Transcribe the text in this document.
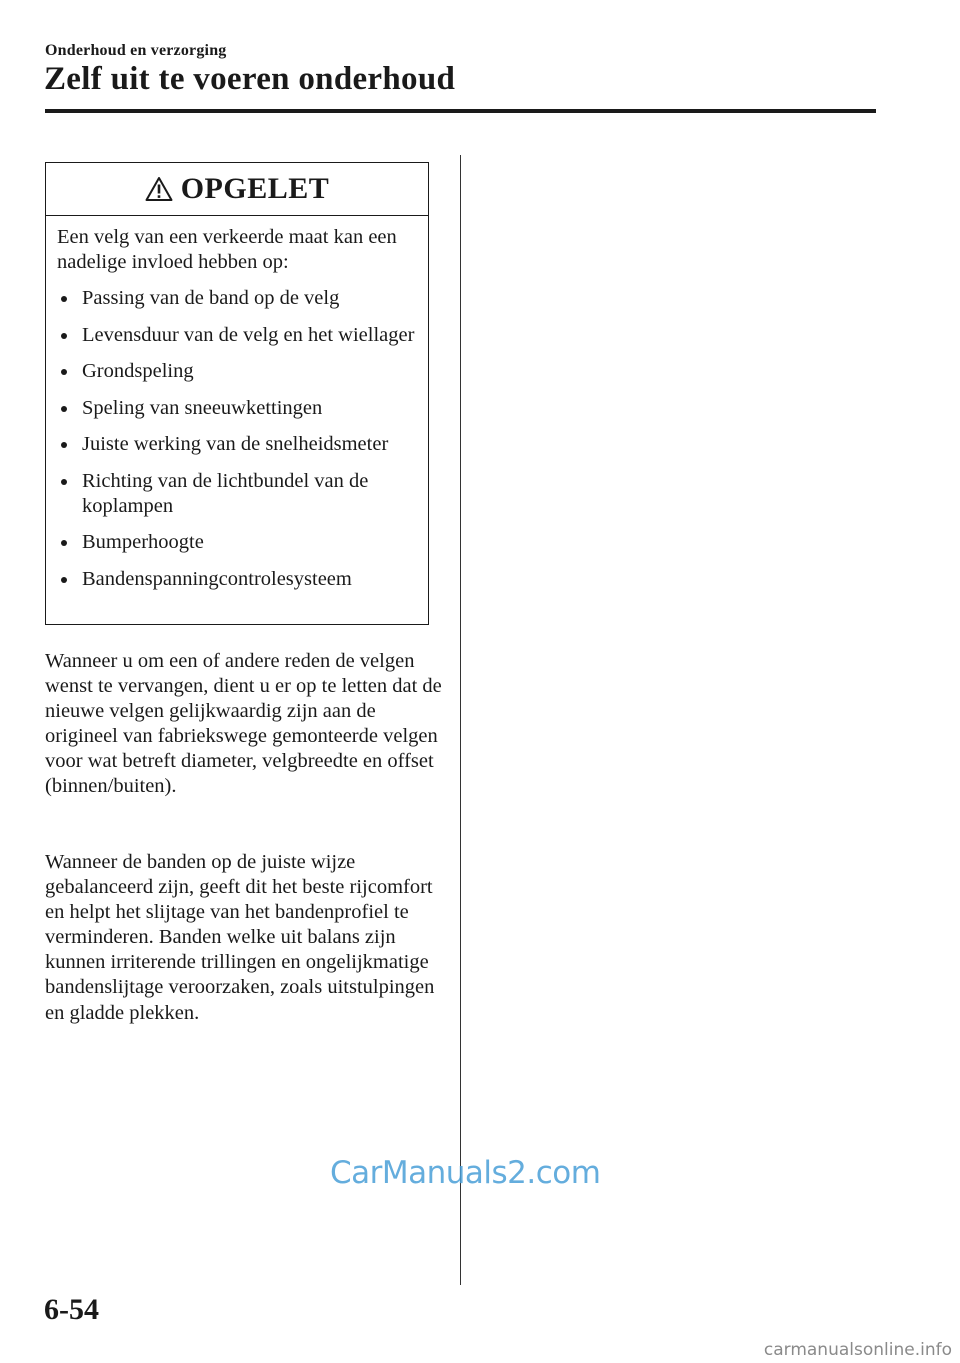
Onderhoud en verzorging
Zelf uit te voeren onderhoud
OPGELET

Een velg van een verkeerde maat kan een nadelige invloed hebben op:

Passing van de band op de velg
Levensduur van de velg en het wiellager
Grondspeling
Speling van sneeuwkettingen
Juiste werking van de snelheidsmeter
Richting van de lichtbundel van de koplampen
Bumperhoogte
Bandenspanningcontrolesysteem

Wanneer u om een of andere reden de velgen wenst te vervangen, dient u er op te letten dat de nieuwe velgen gelijkwaardig zijn aan de origineel van fabriekswege gemonteerde velgen voor wat betreft diameter, velgbreedte en offset (binnen/buiten).

Wanneer de banden op de juiste wijze gebalanceerd zijn, geeft dit het beste rijcomfort en helpt het slijtage van het bandenprofiel te verminderen. Banden welke uit balans zijn kunnen irriterende trillingen en ongelijkmatige bandenslijtage veroorzaken, zoals uitstulpingen en gladde plekken.

CarManuals2.com
6-54
carmanualsonline.info
